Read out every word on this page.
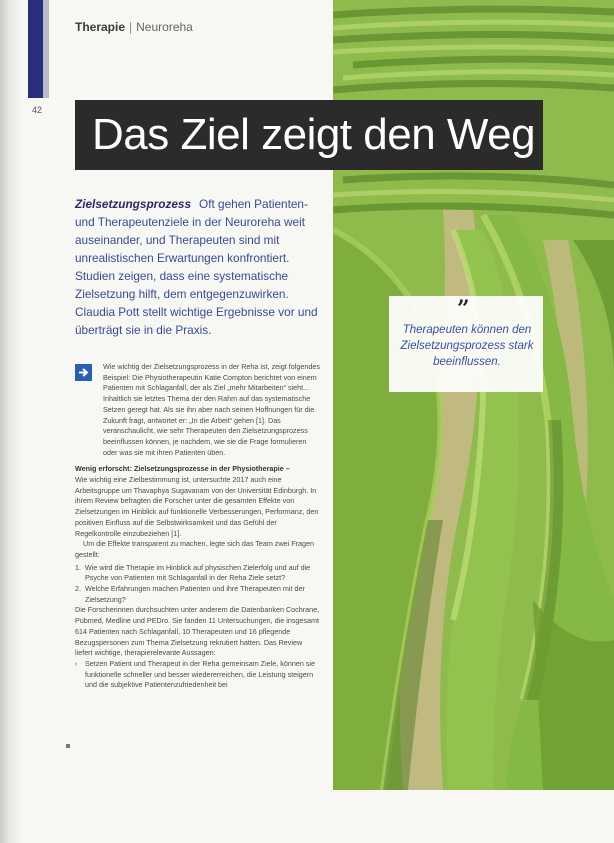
Therapie | Neuroreha
42 Das Ziel zeigt den Weg
Zielsetzungsprozess Oft gehen Patienten- und Therapeutenziele in der Neuroreha weit auseinander, und Therapeuten sind mit unrealistischen Erwartungen konfrontiert. Studien zeigen, dass eine systematische Zielsetzung hilft, dem entgegenzuwirken. Claudia Pott stellt wichtige Ergebnisse vor und überträgt sie in die Praxis.
”
Therapeuten können den Zielsetzungsprozess stark beeinflussen.

Wie wichtig der Zielsetzungsprozess in der Reha ist, zeigt folgendes Beispiel: Die Physiotherapeutin Katie Compton berichtet von einem Patienten mit Schlaganfall, der als Ziel „mehr Mitarbeiten“ sieht... Inhaltlich sie letztes Thema der den Rahm auf das systematische Setzen geregt hat. Als sie ihn aber nach seinen Hoffnungen für die Zukunft fragt, antwortet er: „In die Arbeit“ gehen [1]. Das veranschaulicht, wie sehr Therapeuten den Zielsetzungsprozess beeinflussen können, je nachdem, wie sie die Frage formulieren oder was sie mit ihren Patienten üben.

Wenig erforscht: Zielsetzungsprozesse in der Physiotherapie –

Wie wichtig eine Zielbestimmung ist, untersuchte 2017 auch eine Arbeitsgruppe um Thavaphya Sugavanam von der Universität Edinburgh. In ihrem Review befragten die Forscher unter die gesamten Effekte von Zielsetzungen im Hinblick auf funktionelle Verbesserungen, Performanz, den positiven Einfluss auf die Selbstwirksamkeit und das Gefühl der Regelkontrolle einzubeziehen [1].

Um die Effekte transparent zu machen, legte sich das Team zwei Fragen gestellt:

1. Wie wird die Therapie im Hinblick auf physischen Zielerfolg und auf die Psyche von Patienten mit Schlaganfall in der Reha Ziele setzt?
2. Welche Erfahrungen machen Patienten und ihre Therapeuten mit der Zielsetzung?

Die Forscherinnen durchsuchten unter anderem die Datenbanken Cochrane, Pubmed, Medline und PEDro. Sie fanden 11 Untersuchungen, die insgesamt 614 Patienten nach Schlaganfall, 10 Therapeuten und 16 pflegende Bezugspersonen zum Thema Zielsetzung rekrutiert hatten. Das Review liefert wichtige, therapierelevante Aussagen:

› Setzen Patient und Therapeut in der Reha gemeinsam Ziele, können sie funktionelle schneller und besser wiedererreichen, die Leistung steigern und die subjektive Patientenzufriedenheit bei
